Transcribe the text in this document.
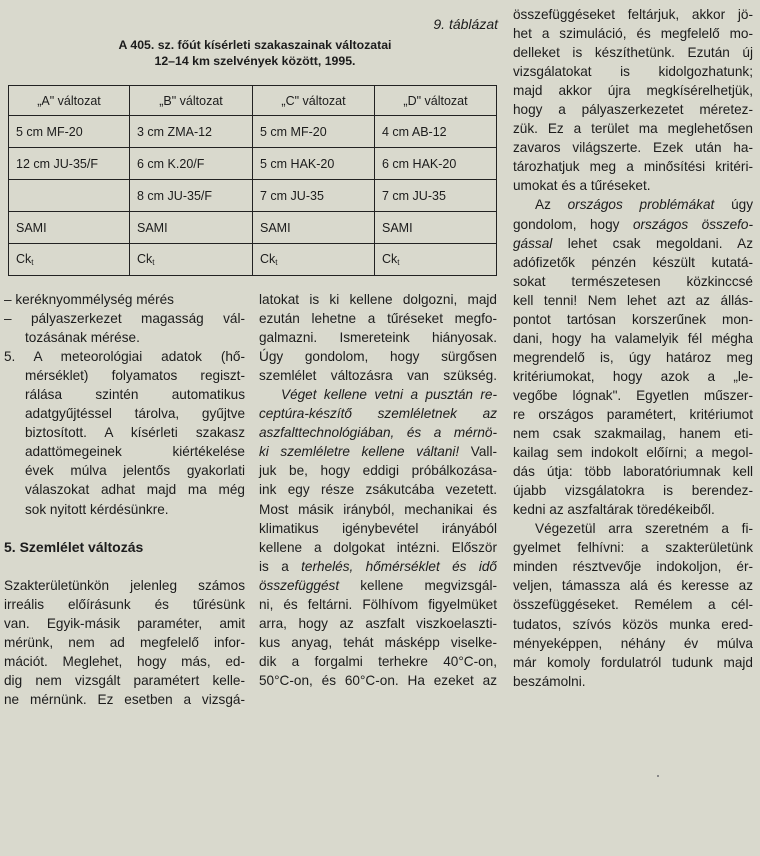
9. táblázat
A 405. sz. főút kísérleti szakaszainak változatai
12–14 km szelvények között, 1995.
„A" változat	„B" változat	„C" változat	„D" változat
5 cm MF-20	3 cm ZMA-12	5 cm MF-20	4 cm AB-12
12 cm JU-35/F	6 cm K.20/F	5 cm HAK-20	6 cm HAK-20
	8 cm JU-35/F	7 cm JU-35	7 cm JU-35
SAMI	SAMI	SAMI	SAMI
$Ck_t$	$Ck_t$	$Ck_t$	$Ck_t$

– keréknyommélység mérés

– pályaszerkezet magasság vál-

tozásának mérése.

5. A meteorológiai adatok (hő-

mérséklet) folyamatos regiszt-

rálása szintén automatikus

adatgyűjtéssel tárolva, gyűjtve

biztosított. A kísérleti szakasz

adattömegeinek kiértékelése

évek múlva jelentős gyakorlati

válaszokat adhat majd ma még

sok nyitott kérdésünkre.

5. Szemlélet változás

Szakterületünkön jelenleg számos

irreális előírásunk és tűrésünk

van. Egyik-másik paraméter, amit

mérünk, nem ad megfelelő infor-

mációt. Meglehet, hogy más, ed-

dig nem vizsgált paramétert kelle-

ne mérnünk. Ez esetben a vizsgá-

latokat is ki kellene dolgozni, majd

ezután lehetne a tűréseket megfo-

galmazni. Ismereteink hiányosak.

Úgy gondolom, hogy sürgősen

szemlélet változásra van szükség.

Véget kellene vetni a pusztán re-

ceptúra-készítő szemléletnek az

aszfalttechnológiában, és a mérnö-

ki szemléletre kellene váltani! Vall-

juk be, hogy eddigi próbálkozása-

ink egy része zsákutcába vezetett.

Most másik irányból, mechanikai és

klimatikus igénybevétel irányából

kellene a dolgokat intézni. Először

is a terhelés, hőmérséklet és idő

összefüggést kellene megvizsgál-

ni, és feltárni. Fölhívom figyelmüket

arra, hogy az aszfalt viszkoelaszti-

kus anyag, tehát másképp viselke-

dik a forgalmi terhekre 40°C-on,

50°C-on, és 60°C-on. Ha ezeket az

összefüggéseket feltárjuk, akkor jö-

het a szimuláció, és megfelelő mo-

delleket is készíthetünk. Ezután új

vizsgálatokat is kidolgozhatunk;

majd akkor újra megkísérelhetjük,

hogy a pályaszerkezetet méretez-

zük. Ez a terület ma meglehetősen

zavaros világszerte. Ezek után ha-

tározhatjuk meg a minősítési kritéri-

umokat és a tűréseket.

Az országos problémákat úgy

gondolom, hogy országos összefo-

gással lehet csak megoldani. Az

adófizetők pénzén készült kutatá-

sokat természetesen közkinccsé

kell tenni! Nem lehet azt az állás-

pontot tartósan korszerűnek mon-

dani, hogy ha valamelyik fél mégha

megrendelő is, úgy határoz meg

kritériumokat, hogy azok a „le-

vegőbe lógnak". Egyetlen műszer-

re országos paramétert, kritériumot

nem csak szakmailag, hanem eti-

kailag sem indokolt előírni; a megol-

dás útja: több laboratóriumnak kell

újabb vizsgálatokra is berendez-

kedni az aszfaltárak töredékeiből.

Végezetül arra szeretném a fi-

gyelmet felhívni: a szakterületünk

minden résztvevője indokoljon, ér-

veljen, támassza alá és keresse az

összefüggéseket. Remélem a cél-

tudatos, szívós közös munka ered-

ményeképpen, néhány év múlva

már komoly fordulatról tudunk majd

beszámolni.
